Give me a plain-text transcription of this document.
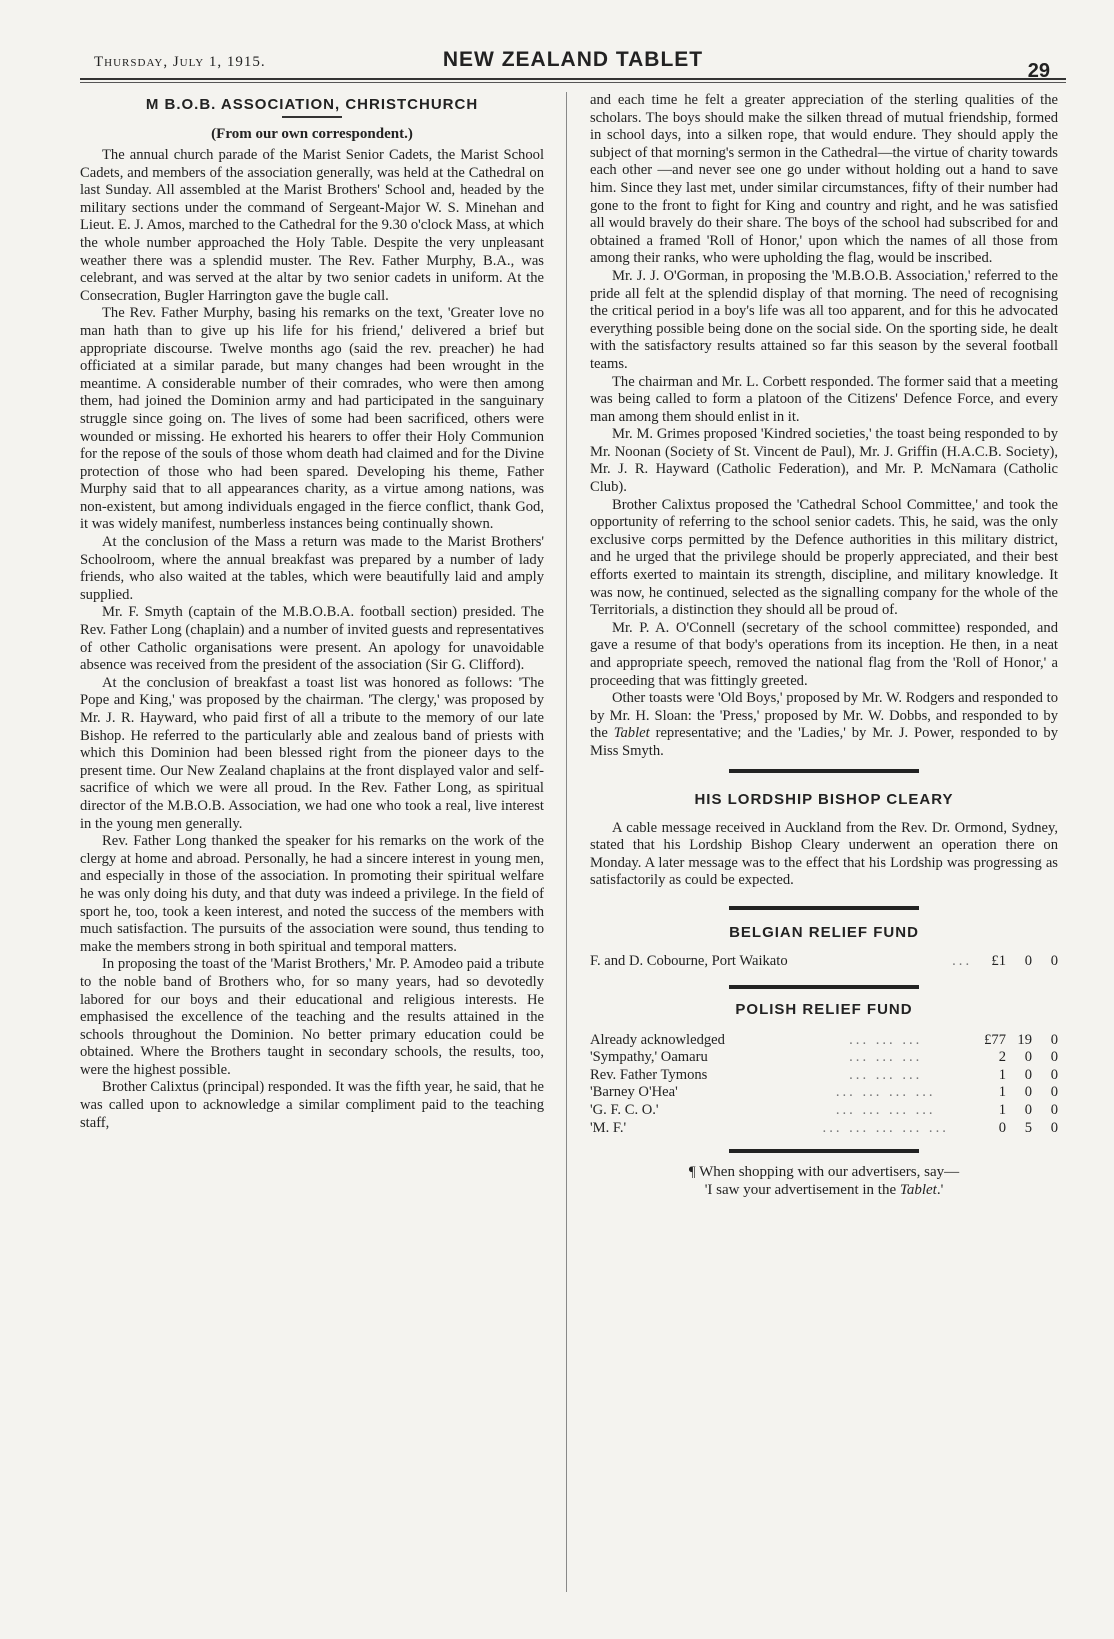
Thursday, July 1, 1915.	NEW ZEALAND TABLET	29

M B.O.B. ASSOCIATION, CHRISTCHURCH

(From our own correspondent.)

The annual church parade of the Marist Senior Cadets, the Marist School Cadets, and members of the association generally, was held at the Cathedral on last Sunday. All assembled at the Marist Brothers' School and, headed by the military sections under the command of Sergeant-Major W. S. Minehan and Lieut. E. J. Amos, marched to the Cathedral for the 9.30 o'clock Mass, at which the whole number approached the Holy Table. Despite the very unpleasant weather there was a splendid muster. The Rev. Father Murphy, B.A., was celebrant, and was served at the altar by two senior cadets in uniform. At the Consecration, Bugler Harrington gave the bugle call.

The Rev. Father Murphy, basing his remarks on the text, 'Greater love no man hath than to give up his life for his friend,' delivered a brief but appropriate discourse. Twelve months ago (said the rev. preacher) he had officiated at a similar parade, but many changes had been wrought in the meantime. A considerable number of their comrades, who were then among them, had joined the Dominion army and had participated in the sanguinary struggle since going on. The lives of some had been sacrificed, others were wounded or missing. He exhorted his hearers to offer their Holy Communion for the repose of the souls of those whom death had claimed and for the Divine protection of those who had been spared. Developing his theme, Father Murphy said that to all appearances charity, as a virtue among nations, was non-existent, but among individuals engaged in the fierce conflict, thank God, it was widely manifest, numberless instances being continually shown.

At the conclusion of the Mass a return was made to the Marist Brothers' Schoolroom, where the annual breakfast was prepared by a number of lady friends, who also waited at the tables, which were beautifully laid and amply supplied.

Mr. F. Smyth (captain of the M.B.O.B.A. football section) presided. The Rev. Father Long (chaplain) and a number of invited guests and representatives of other Catholic organisations were present. An apology for unavoidable absence was received from the president of the association (Sir G. Clifford).

At the conclusion of breakfast a toast list was honored as follows: 'The Pope and King,' was proposed by the chairman. 'The clergy,' was proposed by Mr. J. R. Hayward, who paid first of all a tribute to the memory of our late Bishop. He referred to the particularly able and zealous band of priests with which this Dominion had been blessed right from the pioneer days to the present time. Our New Zealand chaplains at the front displayed valor and self-sacrifice of which we were all proud. In the Rev. Father Long, as spiritual director of the M.B.O.B. Association, we had one who took a real, live interest in the young men generally.

Rev. Father Long thanked the speaker for his remarks on the work of the clergy at home and abroad. Personally, he had a sincere interest in young men, and especially in those of the association. In promoting their spiritual welfare he was only doing his duty, and that duty was indeed a privilege. In the field of sport he, too, took a keen interest, and noted the success of the members with much satisfaction. The pursuits of the association were sound, thus tending to make the members strong in both spiritual and temporal matters.

In proposing the toast of the 'Marist Brothers,' Mr. P. Amodeo paid a tribute to the noble band of Brothers who, for so many years, had so devotedly labored for our boys and their educational and religious interests. He emphasised the excellence of the teaching and the results attained in the schools throughout the Dominion. No better primary education could be obtained. Where the Brothers taught in secondary schools, the results, too, were the highest possible.

Brother Calixtus (principal) responded. It was the fifth year, he said, that he was called upon to acknowledge a similar compliment paid to the teaching staff,

and each time he felt a greater appreciation of the sterling qualities of the scholars. The boys should make the silken thread of mutual friendship, formed in school days, into a silken rope, that would endure. They should apply the subject of that morning's sermon in the Cathedral—the virtue of charity towards each other —and never see one go under without holding out a hand to save him. Since they last met, under similar circumstances, fifty of their number had gone to the front to fight for King and country and right, and he was satisfied all would bravely do their share. The boys of the school had subscribed for and obtained a framed 'Roll of Honor,' upon which the names of all those from among their ranks, who were upholding the flag, would be inscribed.

Mr. J. J. O'Gorman, in proposing the 'M.B.O.B. Association,' referred to the pride all felt at the splendid display of that morning. The need of recognising the critical period in a boy's life was all too apparent, and for this he advocated everything possible being done on the social side. On the sporting side, he dealt with the satisfactory results attained so far this season by the several football teams.

The chairman and Mr. L. Corbett responded. The former said that a meeting was being called to form a platoon of the Citizens' Defence Force, and every man among them should enlist in it.

Mr. M. Grimes proposed 'Kindred societies,' the toast being responded to by Mr. Noonan (Society of St. Vincent de Paul), Mr. J. Griffin (H.A.C.B. Society), Mr. J. R. Hayward (Catholic Federation), and Mr. P. McNamara (Catholic Club).

Brother Calixtus proposed the 'Cathedral School Committee,' and took the opportunity of referring to the school senior cadets. This, he said, was the only exclusive corps permitted by the Defence authorities in this military district, and he urged that the privilege should be properly appreciated, and their best efforts exerted to maintain its strength, discipline, and military knowledge. It was now, he continued, selected as the signalling company for the whole of the Territorials, a distinction they should all be proud of.

Mr. P. A. O'Connell (secretary of the school committee) responded, and gave a resume of that body's operations from its inception. He then, in a neat and appropriate speech, removed the national flag from the 'Roll of Honor,' a proceeding that was fittingly greeted.

Other toasts were 'Old Boys,' proposed by Mr. W. Rodgers and responded to by Mr. H. Sloan: the 'Press,' proposed by Mr. W. Dobbs, and responded to by the Tablet representative; and the 'Ladies,' by Mr. J. Power, responded to by Miss Smyth.

HIS LORDSHIP BISHOP CLEARY

A cable message received in Auckland from the Rev. Dr. Ormond, Sydney, stated that his Lordship Bishop Cleary underwent an operation there on Monday. A later message was to the effect that his Lordship was progressing as satisfactorily as could be expected.

BELGIAN RELIEF FUND

F. and D. Cobourne, Port Waikato	...	£1	0	0

POLISH RELIEF FUND

Already acknowledged	... ... ...	£77	19	0
'Sympathy,' Oamaru	... ... ...	2	0	0
Rev. Father Tymons	... ... ...	1	0	0
'Barney O'Hea'	... ... ... ...	1	0	0
'G. F. C. O.'	... ... ... ...	1	0	0
'M. F.'	... ... ... ... ...	0	5	0
¶ When shopping with our advertisers, say—
'I saw your advertisement in the Tablet.'
